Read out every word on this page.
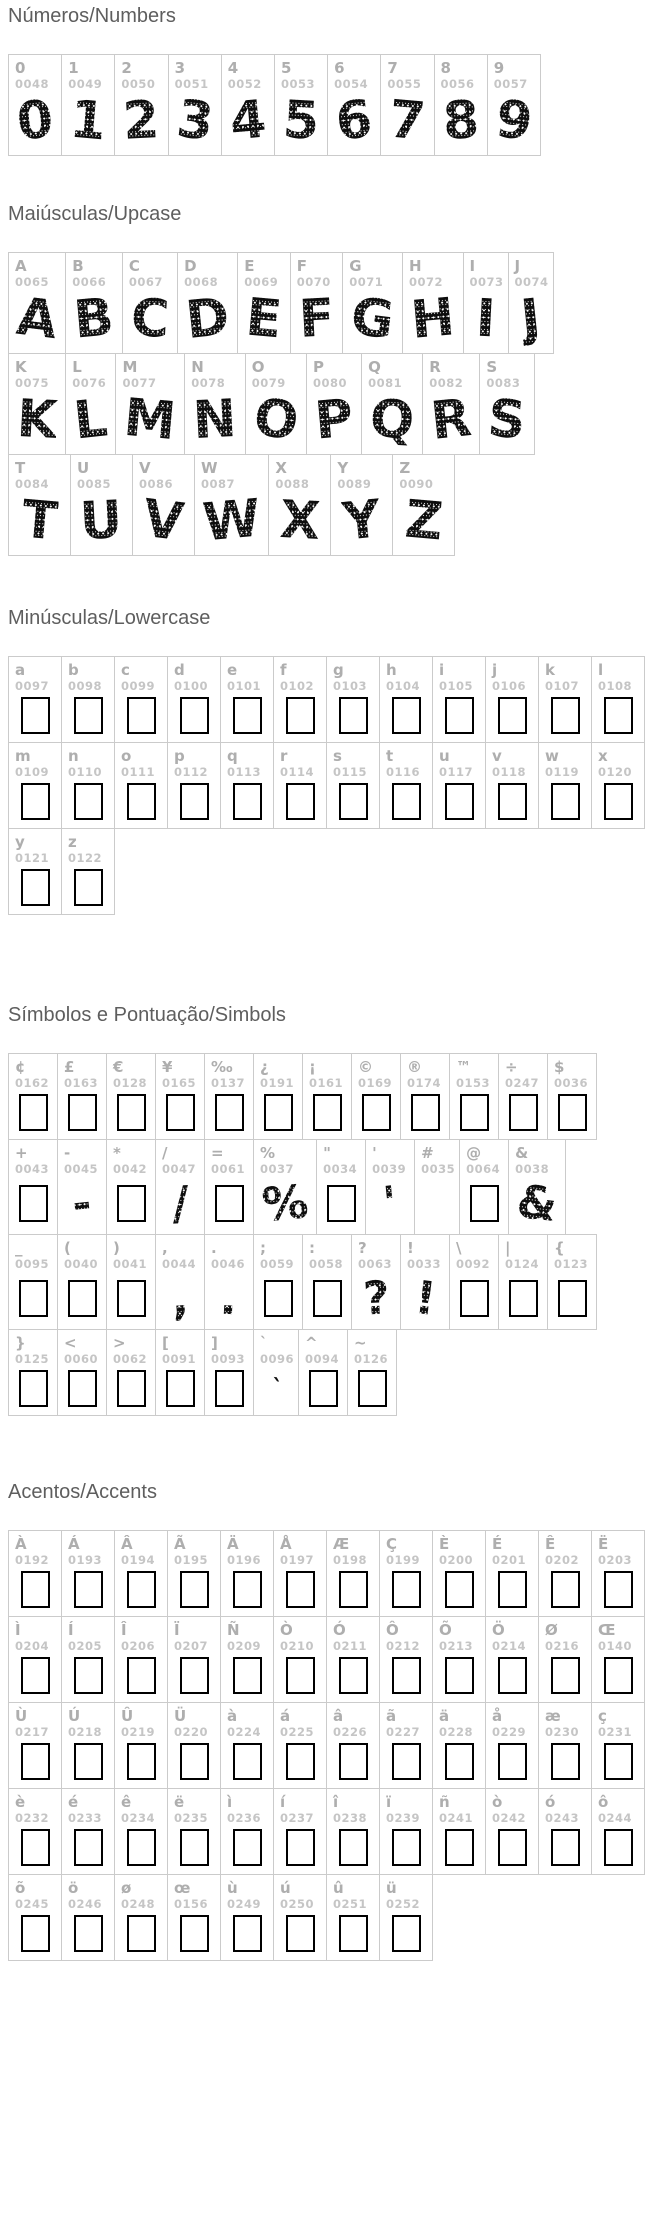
Números/Numbers
0
0048
0
1
0049
1
2
0050
2
3
0051
3
4
0052
4
5
0053
5
6
0054
6
7
0055
7
8
0056
8
9
0057
9
Maiúsculas/Upcase
A
0065
A
B
0066
B
C
0067
C
D
0068
D
E
0069
E
F
0070
F
G
0071
G
H
0072
H
I
0073
I
J
0074
J
K
0075
K
L
0076
L
M
0077
M
N
0078
N
O
0079
O
P
0080
P
Q
0081
Q
R
0082
R
S
0083
S
T
0084
T
U
0085
U
V
0086
V
W
0087
W
X
0088
X
Y
0089
Y
Z
0090
Z
Minúsculas/Lowercase
a
0097
b
0098
c
0099
d
0100
e
0101
f
0102
g
0103
h
0104
i
0105
j
0106
k
0107
l
0108
m
0109
n
0110
o
0111
p
0112
q
0113
r
0114
s
0115
t
0116
u
0117
v
0118
w
0119
x
0120
y
0121
z
0122
Símbolos e Pontuação/Simbols
¢
0162
£
0163
€
0128
¥
0165
‰
0137
¿
0191
¡
0161
©
0169
®
0174
™
0153
÷
0247
$
0036
+
0043
-
0045
-
*
0042
/
0047
/
=
0061
%
0037
%
"
0034
'
0039
'
#
0035
@
0064
&
0038
&
_
0095
(
0040
)
0041
,
0044
,
.
0046
.
;
0059
:
0058
?
0063
?
!
0033
!
\
0092
|
0124
{
0123
}
0125
<
0060
>
0062
[
0091
]
0093
`
0096
`
^
0094
~
0126
Acentos/Accents
À
0192
Á
0193
Â
0194
Ã
0195
Ä
0196
Å
0197
Æ
0198
Ç
0199
È
0200
É
0201
Ê
0202
Ë
0203
Ì
0204
Í
0205
Î
0206
Ï
0207
Ñ
0209
Ò
0210
Ó
0211
Ô
0212
Õ
0213
Ö
0214
Ø
0216
Œ
0140
Ù
0217
Ú
0218
Û
0219
Ü
0220
à
0224
á
0225
â
0226
ã
0227
ä
0228
å
0229
æ
0230
ç
0231
è
0232
é
0233
ê
0234
ë
0235
ì
0236
í
0237
î
0238
ï
0239
ñ
0241
ò
0242
ó
0243
ô
0244
õ
0245
ö
0246
ø
0248
œ
0156
ù
0249
ú
0250
û
0251
ü
0252
